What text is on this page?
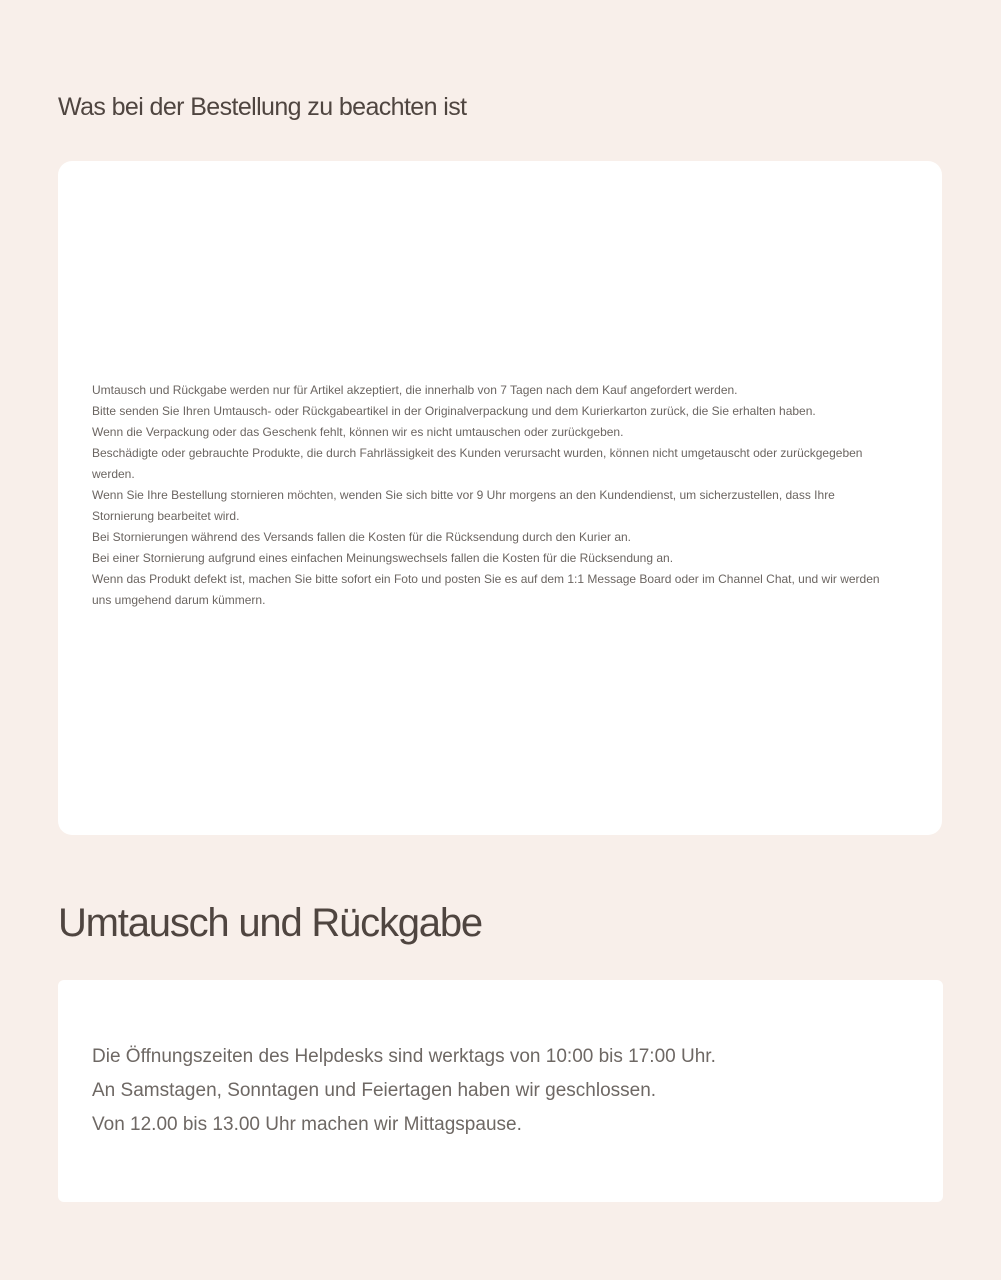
Was bei der Bestellung zu beachten ist
Umtausch und Rückgabe werden nur für Artikel akzeptiert, die innerhalb von 7 Tagen nach dem Kauf angefordert werden.
Bitte senden Sie Ihren Umtausch- oder Rückgabeartikel in der Originalverpackung und dem Kurierkarton zurück, die Sie erhalten haben.
Wenn die Verpackung oder das Geschenk fehlt, können wir es nicht umtauschen oder zurückgeben.
Beschädigte oder gebrauchte Produkte, die durch Fahrlässigkeit des Kunden verursacht wurden, können nicht umgetauscht oder zurückgegeben werden.
Wenn Sie Ihre Bestellung stornieren möchten, wenden Sie sich bitte vor 9 Uhr morgens an den Kundendienst, um sicherzustellen, dass Ihre Stornierung bearbeitet wird.
Bei Stornierungen während des Versands fallen die Kosten für die Rücksendung durch den Kurier an.
Bei einer Stornierung aufgrund eines einfachen Meinungswechsels fallen die Kosten für die Rücksendung an.
Wenn das Produkt defekt ist, machen Sie bitte sofort ein Foto und posten Sie es auf dem 1:1 Message Board oder im Channel Chat, und wir werden uns umgehend darum kümmern.
Umtausch und Rückgabe
Die Öffnungszeiten des Helpdesks sind werktags von 10:00 bis 17:00 Uhr.
An Samstagen, Sonntagen und Feiertagen haben wir geschlossen.
Von 12.00 bis 13.00 Uhr machen wir Mittagspause.
